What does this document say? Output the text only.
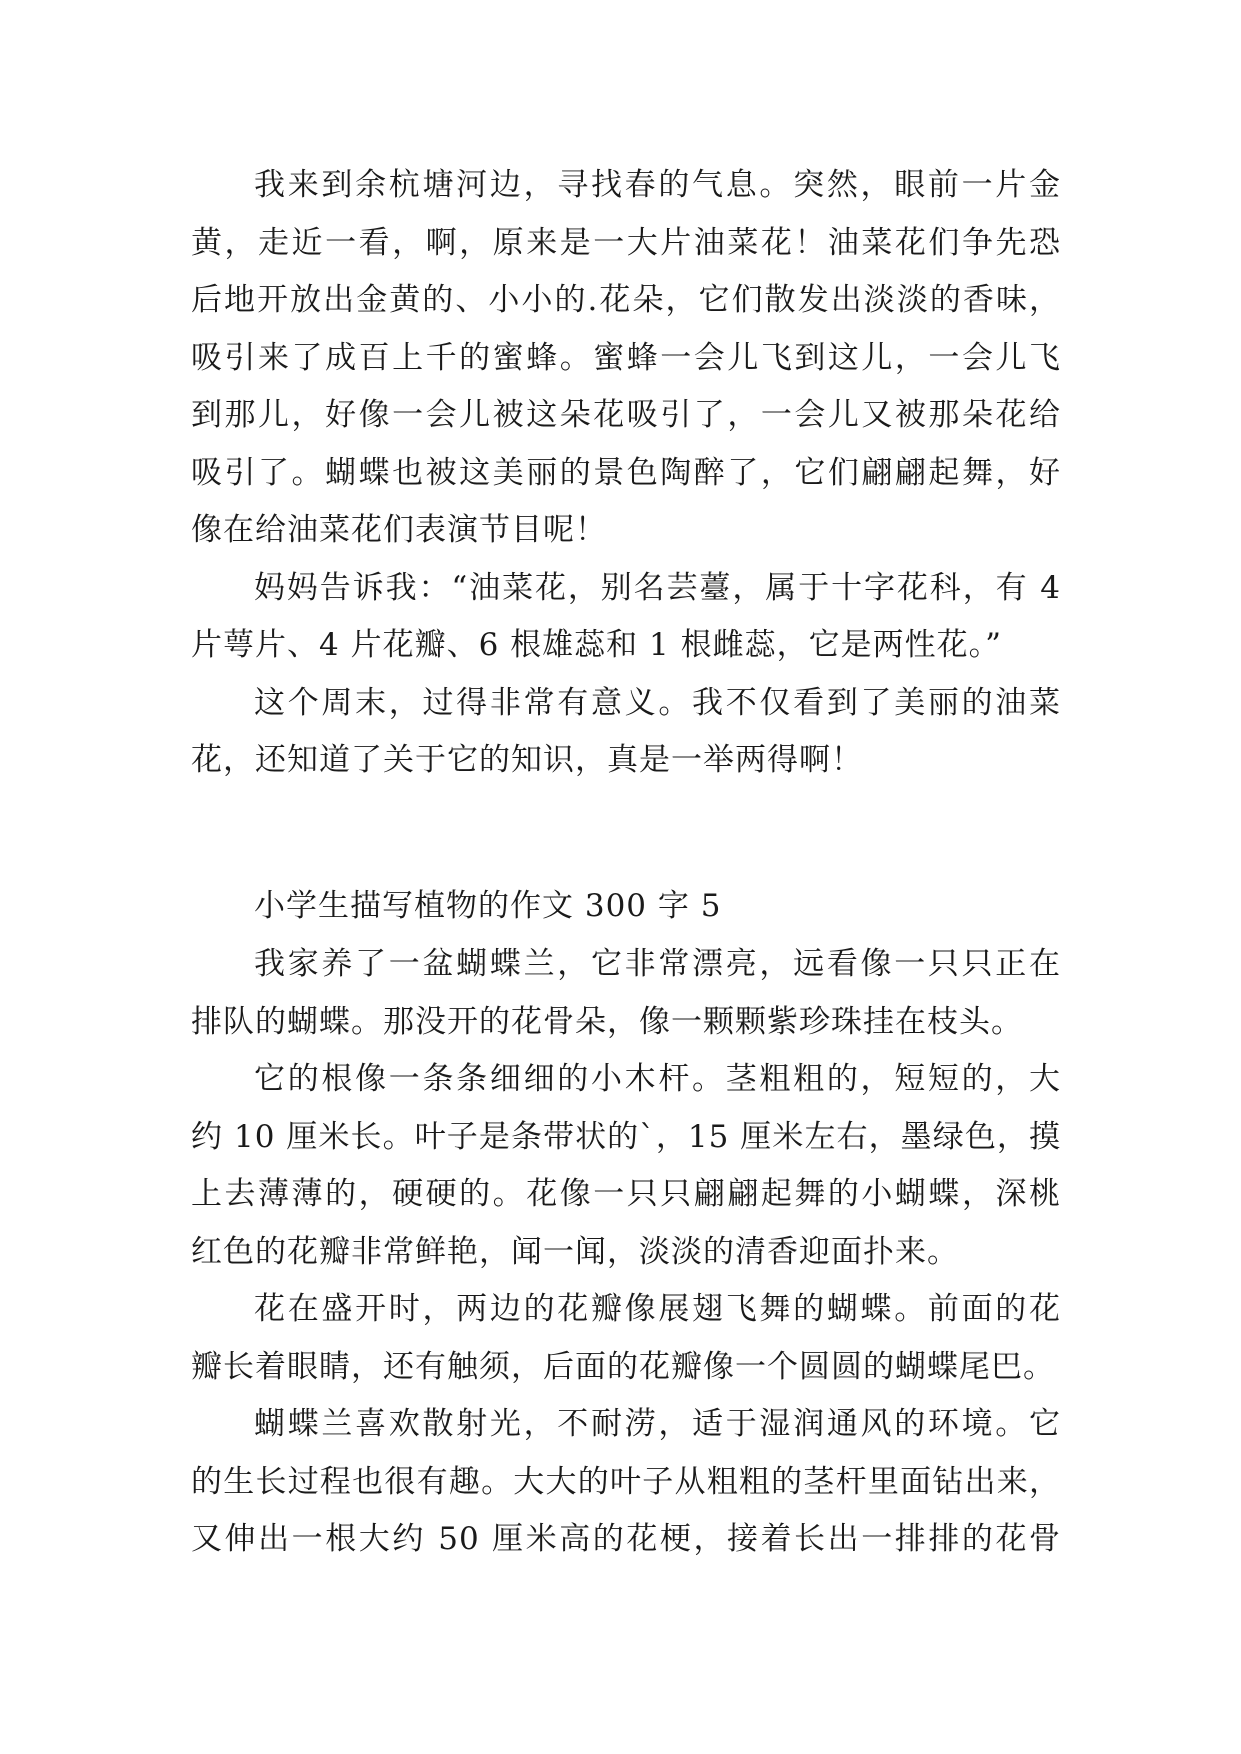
我来到余杭塘河边，寻找春的气息。突然，眼前一片金
黄，走近一看，啊，原来是一大片油菜花！油菜花们争先恐
后地开放出金黄的、小小的.花朵，它们散发出淡淡的香味，
吸引来了成百上千的蜜蜂。蜜蜂一会儿飞到这儿，一会儿飞
到那儿，好像一会儿被这朵花吸引了，一会儿又被那朵花给
吸引了。蝴蝶也被这美丽的景色陶醉了，它们翩翩起舞，好
像在给油菜花们表演节目呢！
妈妈告诉我：“油菜花，别名芸薹，属于十字花科，有 4
片萼片、4 片花瓣、6 根雄蕊和 1 根雌蕊，它是两性花。”
这个周末，过得非常有意义。我不仅看到了美丽的油菜
花，还知道了关于它的知识，真是一举两得啊！
小学生描写植物的作文 300 字 5
我家养了一盆蝴蝶兰，它非常漂亮，远看像一只只正在
排队的蝴蝶。那没开的花骨朵，像一颗颗紫珍珠挂在枝头。
它的根像一条条细细的小木杆。茎粗粗的，短短的，大
约 10 厘米长。叶子是条带状的`，15 厘米左右，墨绿色，摸
上去薄薄的，硬硬的。花像一只只翩翩起舞的小蝴蝶，深桃
红色的花瓣非常鲜艳，闻一闻，淡淡的清香迎面扑来。
花在盛开时，两边的花瓣像展翅飞舞的蝴蝶。前面的花
瓣长着眼睛，还有触须，后面的花瓣像一个圆圆的蝴蝶尾巴。
蝴蝶兰喜欢散射光，不耐涝，适于湿润通风的环境。它
的生长过程也很有趣。大大的叶子从粗粗的茎杆里面钻出来，
又伸出一根大约 50 厘米高的花梗，接着长出一排排的花骨
